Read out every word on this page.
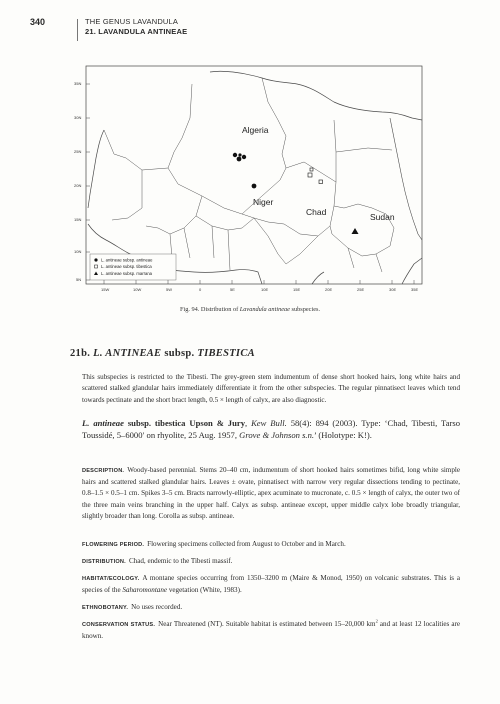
340	THE GENUS LAVANDULA
21. LAVANDULA ANTINEAE
35N
30N
25N
20N
15N
10N
5N
15W	10W	5W	0	5E	10E	15E	20E	25E	30E	35E
Algeria
Niger
Chad	Sudan
L. antineae subsp. antineae
L. antineae subsp. tibestica
L. antineae subsp. marrana
Fig. 94. Distribution of Lavandula antineae subspecies.
21b. L. ANTINEAE subsp. TIBESTICA

This subspecies is restricted to the Tibesti. The grey-green stem indumentum of dense short hooked hairs, long white hairs and scattered stalked glandular hairs immediately differentiate it from the other subspecies. The regular pinnatisect leaves which tend towards pectinate and the short bract length, 0.5 × length of calyx, are also diagnostic.

L. antineae subsp. tibestica Upson & Jury, Kew Bull. 58(4): 894 (2003). Type: ‘Chad, Tibesti, Tarso Toussidé, 5–6000′ on rhyolite, 25 Aug. 1957, Grove & Johnson s.n.’ (Holotype: K!).

DESCRIPTION. Woody-based perennial. Stems 20–40 cm, indumentum of short hooked hairs sometimes bifid, long white simple hairs and scattered stalked glandular hairs. Leaves ± ovate, pinnatisect with narrow very regular dissections tending to pectinate, 0.8–1.5 × 0.5–1 cm. Spikes 3–5 cm. Bracts narrowly-elliptic, apex acuminate to mucronate, c. 0.5 × length of calyx, the outer two of the three main veins branching in the upper half. Calyx as subsp. antineae except, upper middle calyx lobe broadly triangular, slightly broader than long. Corolla as subsp. antineae.

FLOWERING PERIOD. Flowering specimens collected from August to October and in March.

DISTRIBUTION. Chad, endemic to the Tibesti massif.

HABITAT/ECOLOGY. A montane species occurring from 1350–3200 m (Maire & Monod, 1950) on volcanic substrates. This is a species of the Saharomontane vegetation (White, 1983).

ETHNOBOTANY. No uses recorded.

CONSERVATION STATUS. Near Threatened (NT). Suitable habitat is estimated between 15–20,000 $km^2$ and at least 12 localities are known.
